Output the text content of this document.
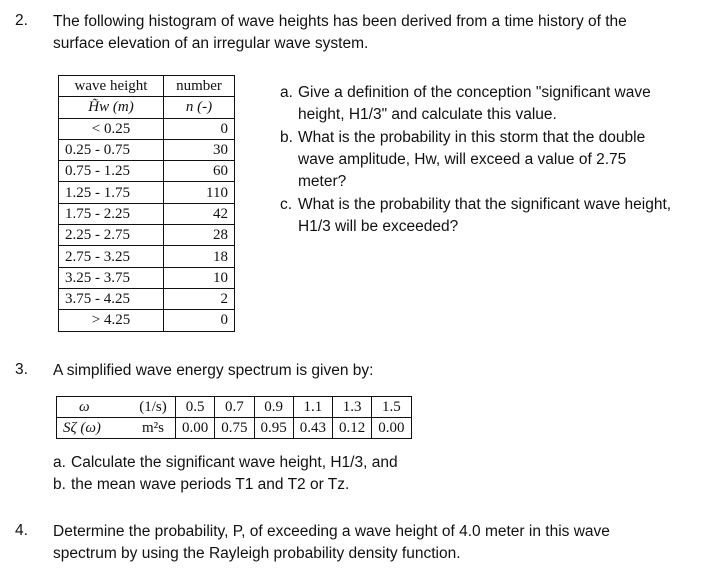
2. The following histogram of wave heights has been derived from a time history of the
surface elevation of an irregular wave system.
wave height	number
H̃w (m)	n (-)
< 0.25	0
0.25 - 0.75	30
0.75 - 1.25	60
1.25 - 1.75	110
1.75 - 2.25	42
2.25 - 2.75	28
2.75 - 3.25	18
3.25 - 3.75	10
3.75 - 4.25	2
> 4.25	0
a. Give a definition of the conception "significant wave
height, H1/3" and calculate this value.
b. What is the probability in this storm that the double
wave amplitude, Hw, will exceed a value of 2.75
meter?
c. What is the probability that the significant wave height,
H1/3 will be exceeded?
3. A simplified wave energy spectrum is given by:
ω	(1/s)	0.5	0.7	0.9	1.1	1.3	1.5
Sζ (ω)	m²s	0.00	0.75	0.95	0.43	0.12	0.00
a. Calculate the significant wave height, H1/3, and
b. the mean wave periods T1 and T2 or Tz.
4. Determine the probability, P, of exceeding a wave height of 4.0 meter in this wave
spectrum by using the Rayleigh probability density function.
